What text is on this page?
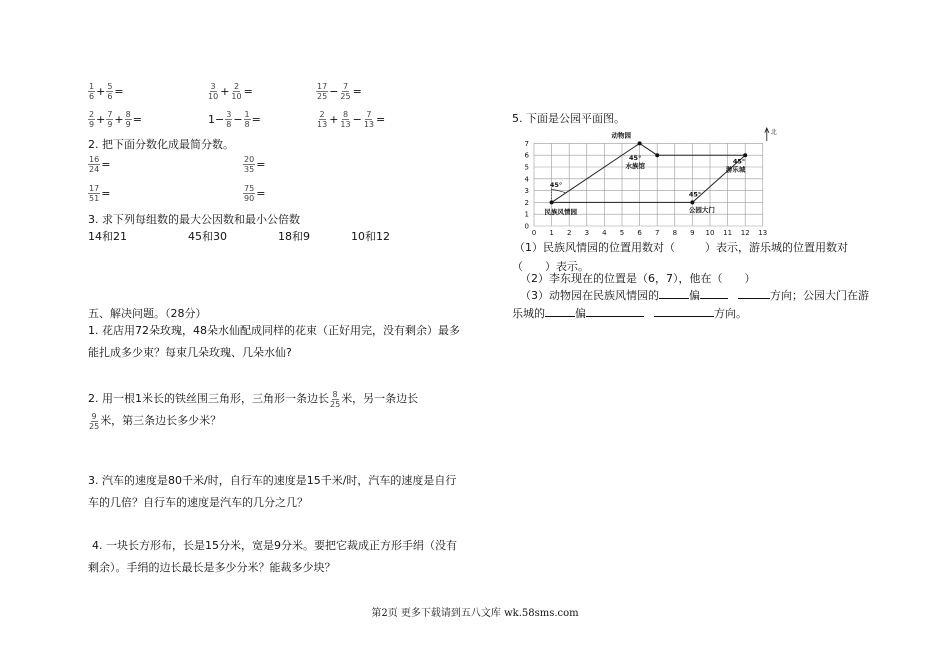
$\frac{1}{6} + \frac{5}{6}$ =	$\frac{3}{10} + \frac{2}{10}$ =	$\frac{17}{25} - \frac{7}{25}$ =
$\frac{2}{9} + \frac{7}{9} + \frac{8}{9}$ =	$1- \frac{3}{8} - \frac{1}{8}$ =	$\frac{2}{13} + \frac{8}{13} - \frac{7}{13}$ =
2. 把下面分数化成最简分数。
$\frac{16}{24}$ =	$\frac{20}{35}$ =
$\frac{17}{51}$ =	$\frac{75}{90}$ =
3. 求下列每组数的最大公因数和最小公倍数
14和21	45和30	18和9	10和12
五、解决问题。（28分）
1. 花店用72朵玫瑰，48朵水仙配成同样的花束（正好用完，没有剩余）最多能扎成多少束？每束几朵玫瑰、几朵水仙?
2. 用一根1米长的铁丝围三角形，三角形一条边长 $\frac{8}{25}$ 米，另一条边长

$\frac{9}{25}$ 米，第三条边长多少米？
3. 汽车的速度是80千米/时，自行车的速度是15千米/时，汽车的速度是自行车的几倍？自行车的速度是汽车的几分之几？
4. 一块长方形布，长是15分米，宽是9分米。要把它裁成正方形手绢（没有剩余）。手绢的边长最长是多少分米？能裁多少块？
5. 下面是公园平面图。
0 1 2 3 4 5 6 7 8 9 10 11 12 13
0
1
2
3
4
5
6
7
北
动物园
水族馆	游乐城
公园大门
民族风情园
45°
45°
45°
45°
（1）民族风情园的位置用数对（	）表示，游乐城的位置用数对
（ ）表示。
（2）李东现在的位置是（6，7），他在（　　）
（3）动物园在民族风情园的	偏	方向；公园大门在游
乐城的	偏	方向。
第2页 更多下载请到五八文库 wk.58sms.com
